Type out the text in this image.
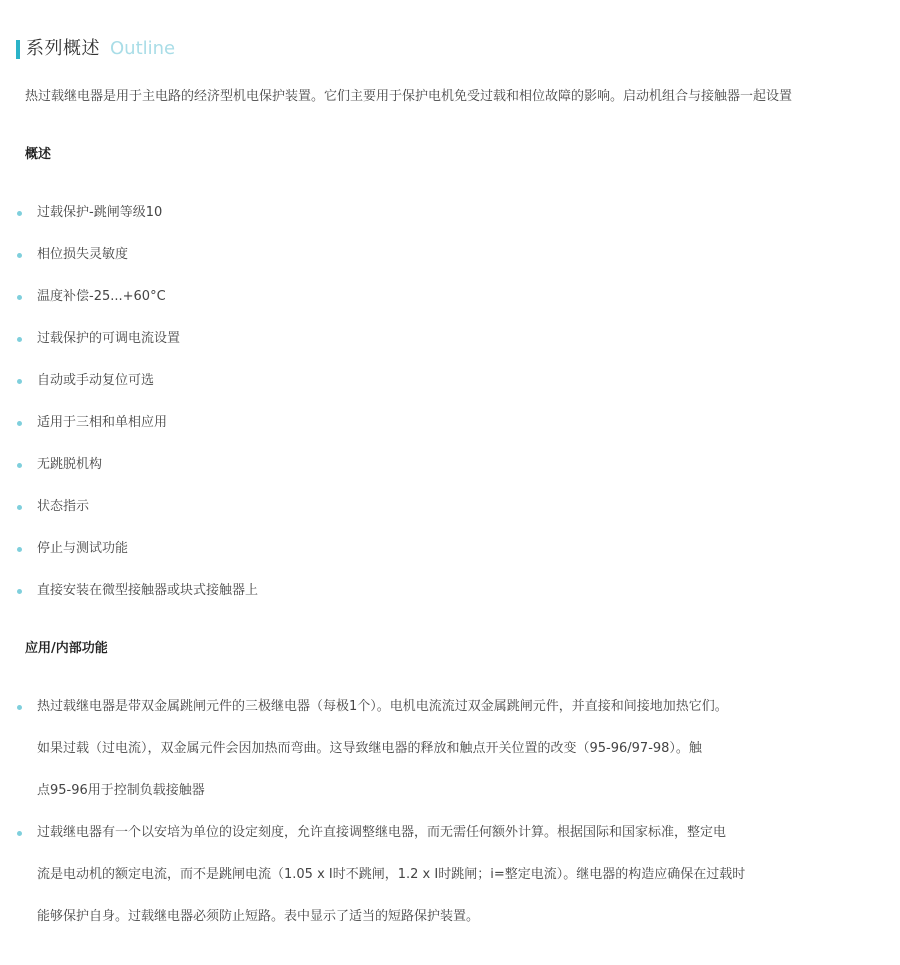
系列概述 Outline
热过载继电器是用于主电路的经济型机电保护装置。它们主要用于保护电机免受过载和相位故障的影响。启动机组合与接触器一起设置
概述
过载保护-跳闸等级10
相位损失灵敏度
温度补偿-25...+60°C
过载保护的可调电流设置
自动或手动复位可选
适用于三相和单相应用
无跳脱机构
状态指示
停止与测试功能
直接安装在微型接触器或块式接触器上
应用/内部功能
热过载继电器是带双金属跳闸元件的三极继电器（每极1个）。电机电流流过双金属跳闸元件，并直接和间接地加热它们。
如果过载（过电流），双金属元件会因加热而弯曲。这导致继电器的释放和触点开关位置的改变（95-96/97-98）。触
点95-96用于控制负载接触器
过载继电器有一个以安培为单位的设定刻度，允许直接调整继电器，而无需任何额外计算。根据国际和国家标准，整定电
流是电动机的额定电流，而不是跳闸电流（1.05 x I时不跳闸，1.2 x I时跳闸；i=整定电流）。继电器的构造应确保在过载时
能够保护自身。过载继电器必须防止短路。表中显示了适当的短路保护装置。
